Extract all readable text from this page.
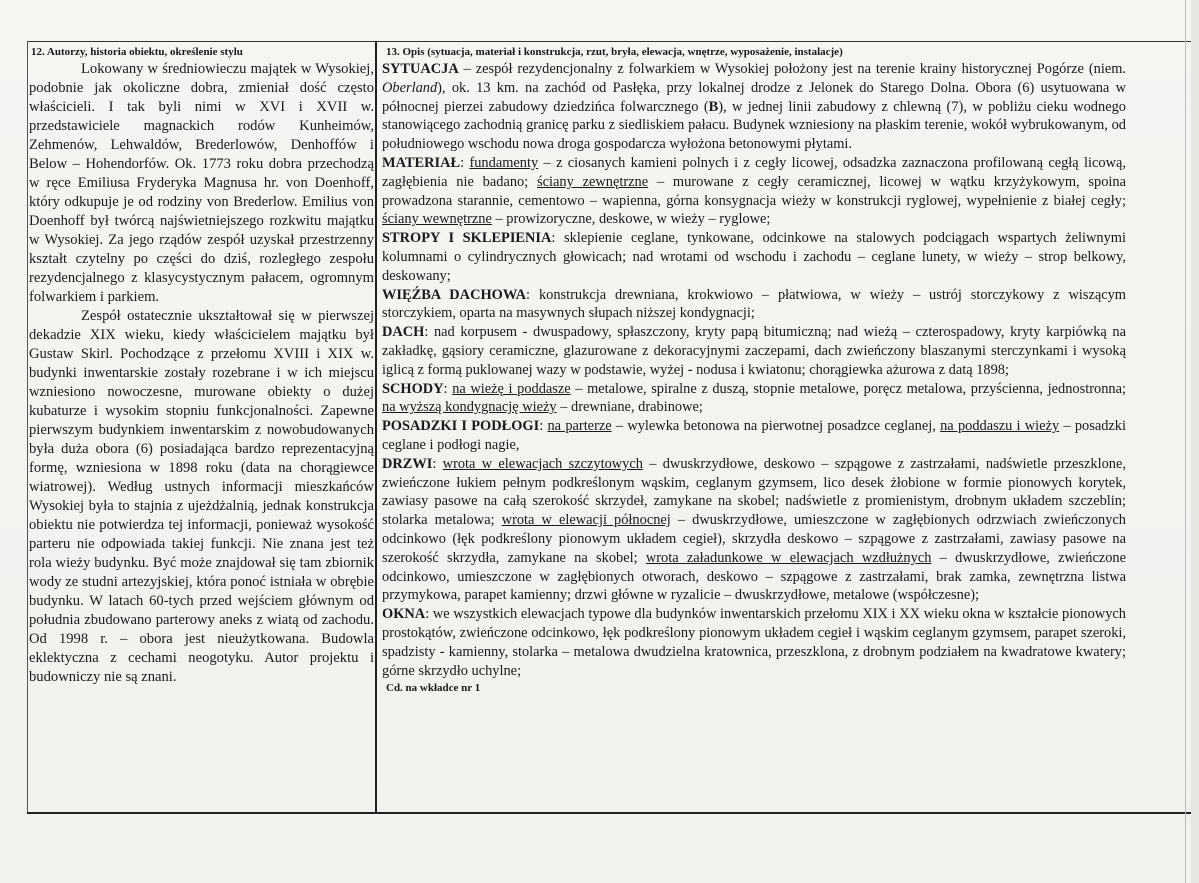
12. Autorzy, historia obiektu, określenie stylu

Lokowany w średniowieczu majątek w Wysokiej, podobnie jak okoliczne dobra, zmieniał dość często właścicieli. I tak byli nimi w XVI i XVII w. przedstawiciele magnackich rodów Kunheimów, Zehmenów, Lehwaldów, Brederlowów, Denhoffów i Below – Hohendorfów. Ok. 1773 roku dobra przechodzą w ręce Emiliusa Fryderyka Magnusa hr. von Doenhoff, który odkupuje je od rodziny von Brederlow. Emilius von Doenhoff był twórcą najświetniejszego rozkwitu majątku w Wysokiej. Za jego rządów zespół uzyskał przestrzenny kształt czytelny po części do dziś, rozległego zespołu rezydencjalnego z klasycystycznym pałacem, ogromnym folwarkiem i parkiem.

Zespół ostatecznie ukształtował się w pierwszej dekadzie XIX wieku, kiedy właścicielem majątku był Gustaw Skirl. Pochodzące z przełomu XVIII i XIX w. budynki inwentarskie zostały rozebrane i w ich miejscu wzniesiono nowoczesne, murowane obiekty o dużej kubaturze i wysokim stopniu funkcjonalności. Zapewne pierwszym budynkiem inwentarskim z nowobudowanych była duża obora (6) posiadająca bardzo reprezentacyjną formę, wzniesiona w 1898 roku (data na chorągiewce wiatrowej). Według ustnych informacji mieszkańców Wysokiej była to stajnia z ujeżdżalnią, jednak konstrukcja obiektu nie potwierdza tej informacji, ponieważ wysokość parteru nie odpowiada takiej funkcji. Nie znana jest też rola wieży budynku. Być może znajdował się tam zbiornik wody ze studni artezyjskiej, która ponoć istniała w obrębie budynku. W latach 60-tych przed wejściem głównym od południa zbudowano parterowy aneks z wiatą od zachodu. Od 1998 r. – obora jest nieużytkowana. Budowla eklektyczna z cechami neogotyku. Autor projektu i budowniczy nie są znani.

13. Opis (sytuacja, materiał i konstrukcja, rzut, bryła, elewacja, wnętrze, wyposażenie, instalacje)

SYTUACJA – zespół rezydencjonalny z folwarkiem w Wysokiej położony jest na terenie krainy historycznej Pogórze (niem. Oberland), ok. 13 km. na zachód od Pasłęka, przy lokalnej drodze z Jelonek do Starego Dolna. Obora (6) usytuowana w północnej pierzei zabudowy dziedzińca folwarcznego (B), w jednej linii zabudowy z chlewną (7), w pobliżu cieku wodnego stanowiącego zachodnią granicę parku z siedliskiem pałacu. Budynek wzniesiony na płaskim terenie, wokół wybrukowanym, od południowego wschodu nowa droga gospodarcza wyłożona betonowymi płytami.

MATERIAŁ: fundamenty – z ciosanych kamieni polnych i z cegły licowej, odsadzka zaznaczona profilowaną cegłą licową, zagłębienia nie badano; ściany zewnętrzne – murowane z cegły ceramicznej, licowej w wątku krzyżykowym, spoina prowadzona starannie, cementowo – wapienna, górna konsygnacja wieży w konstrukcji ryglowej, wypełnienie z białej cegły; ściany wewnętrzne – prowizoryczne, deskowe, w wieży – ryglowe;

STROPY I SKLEPIENIA: sklepienie ceglane, tynkowane, odcinkowe na stalowych podciągach wspartych żeliwnymi kolumnami o cylindrycznych głowicach; nad wrotami od wschodu i zachodu – ceglane lunety, w wieży – strop belkowy, deskowany;

WIĘŹBA DACHOWA: konstrukcja drewniana, krokwiowo – płatwiowa, w wieży – ustrój storczykowy z wiszącym storczykiem, oparta na masywnych słupach niższej kondygnacji;

DACH: nad korpusem - dwuspadowy, spłaszczony, kryty papą bitumiczną; nad wieżą – czterospadowy, kryty karpiówką na zakładkę, gąsiory ceramiczne, glazurowane z dekoracyjnymi zaczepami, dach zwieńczony blaszanymi sterczynkami i wysoką iglicą z formą puklowanej wazy w podstawie, wyżej - nodusa i kwiatonu; chorągiewka ażurowa z datą 1898;

SCHODY: na wieżę i poddasze – metalowe, spiralne z duszą, stopnie metalowe, poręcz metalowa, przyścienna, jednostronna; na wyższą kondygnację wieży – drewniane, drabinowe;

POSADZKI I PODŁOGI: na parterze – wylewka betonowa na pierwotnej posadzce ceglanej, na poddaszu i wieży – posadzki ceglane i podłogi nagie,

DRZWI: wrota w elewacjach szczytowych – dwuskrzydłowe, deskowo – szpągowe z zastrzałami, nadświetle przeszklone, zwieńczone łukiem pełnym podkreślonym wąskim, ceglanym gzymsem, lico desek żłobione w formie pionowych korytek, zawiasy pasowe na całą szerokość skrzydeł, zamykane na skobel; nadświetle z promienistym, drobnym układem szczeblin; stolarka metalowa; wrota w elewacji północnej – dwuskrzydłowe, umieszczone w zagłębionych odrzwiach zwieńczonych odcinkowo (łęk podkreślony pionowym układem cegieł), skrzydła deskowo – szpągowe z zastrzałami, zawiasy pasowe na szerokość skrzydła, zamykane na skobel; wrota załadunkowe w elewacjach wzdłużnych – dwuskrzydłowe, zwieńczone odcinkowo, umieszczone w zagłębionych otworach, deskowo – szpągowe z zastrzałami, brak zamka, zewnętrzna listwa przymykowa, parapet kamienny; drzwi główne w ryzalicie – dwuskrzydłowe, metalowe (współczesne);

OKNA: we wszystkich elewacjach typowe dla budynków inwentarskich przełomu XIX i XX wieku okna w kształcie pionowych prostokątów, zwieńczone odcinkowo, łęk podkreślony pionowym układem cegieł i wąskim ceglanym gzymsem, parapet szeroki, spadzisty - kamienny, stolarka – metalowa dwudzielna kratownica, przeszklona, z drobnym podziałem na kwadratowe kwatery; górne skrzydło uchylne;

Cd. na wkładce nr 1
